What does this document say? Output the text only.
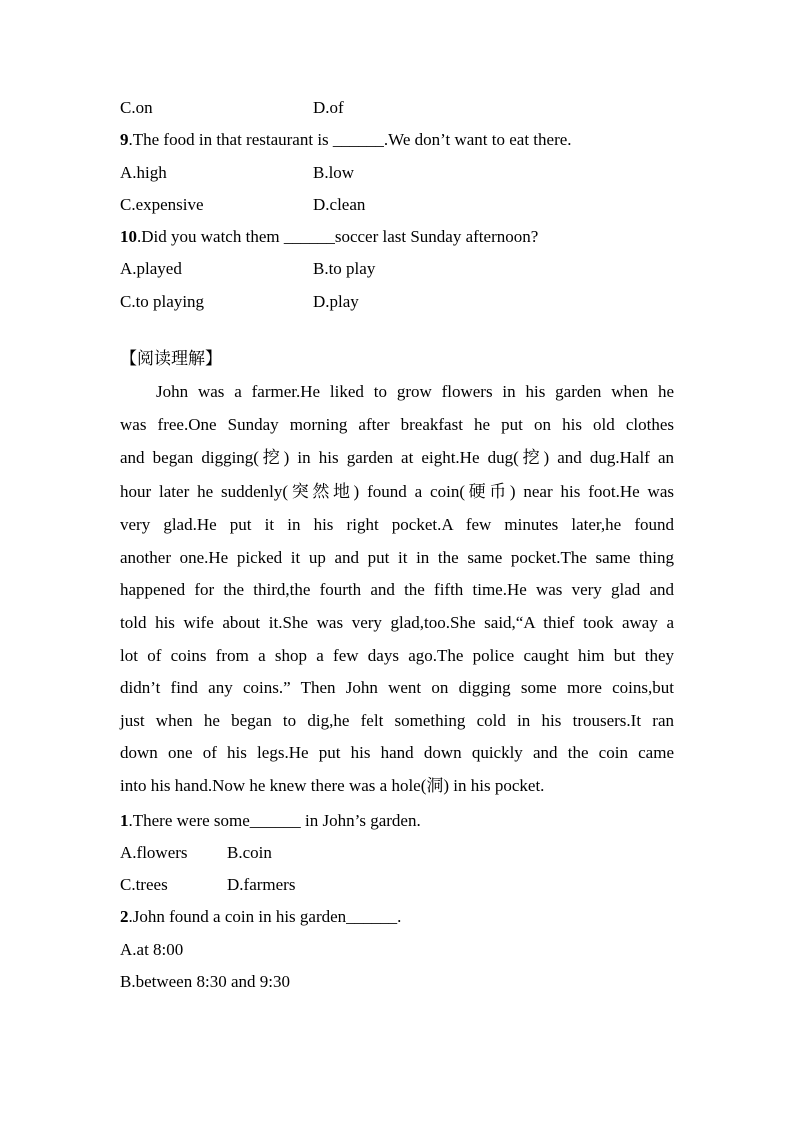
C.on	D.of
9.The food in that restaurant is ______.We don’t want to eat there.
A.high	B.low
C.expensive	D.clean
10.Did you watch them ______soccer last Sunday afternoon?
A.played	B.to play
C.to playing	D.play
【阅读理解】
John was a farmer.He liked to grow flowers in his garden when he
was free.One Sunday morning after breakfast he put on his old clothes
and began digging(挖) in his garden at eight.He dug(挖) and dug.Half an
hour later he suddenly(突然地) found a coin(硬币) near his foot.He was
very glad.He put it in his right pocket.A few minutes later,he found
another one.He picked it up and put it in the same pocket.The same thing
happened for the third,the fourth and the fifth time.He was very glad and
told his wife about it.She was very glad,too.She said,“A thief took away a
lot of coins from a shop a few days ago.The police caught him but they
didn’t find any coins.” Then John went on digging some more coins,but
just when he began to dig,he felt something cold in his trousers.It ran
down one of his legs.He put his hand down quickly and the coin came
into his hand.Now he knew there was a hole(洞) in his pocket.
1.There were some______ in John’s garden.
A.flowers B.coin
C.trees	D.farmers
2.John found a coin in his garden______.
A.at 8:00
B.between 8:30 and 9:30
